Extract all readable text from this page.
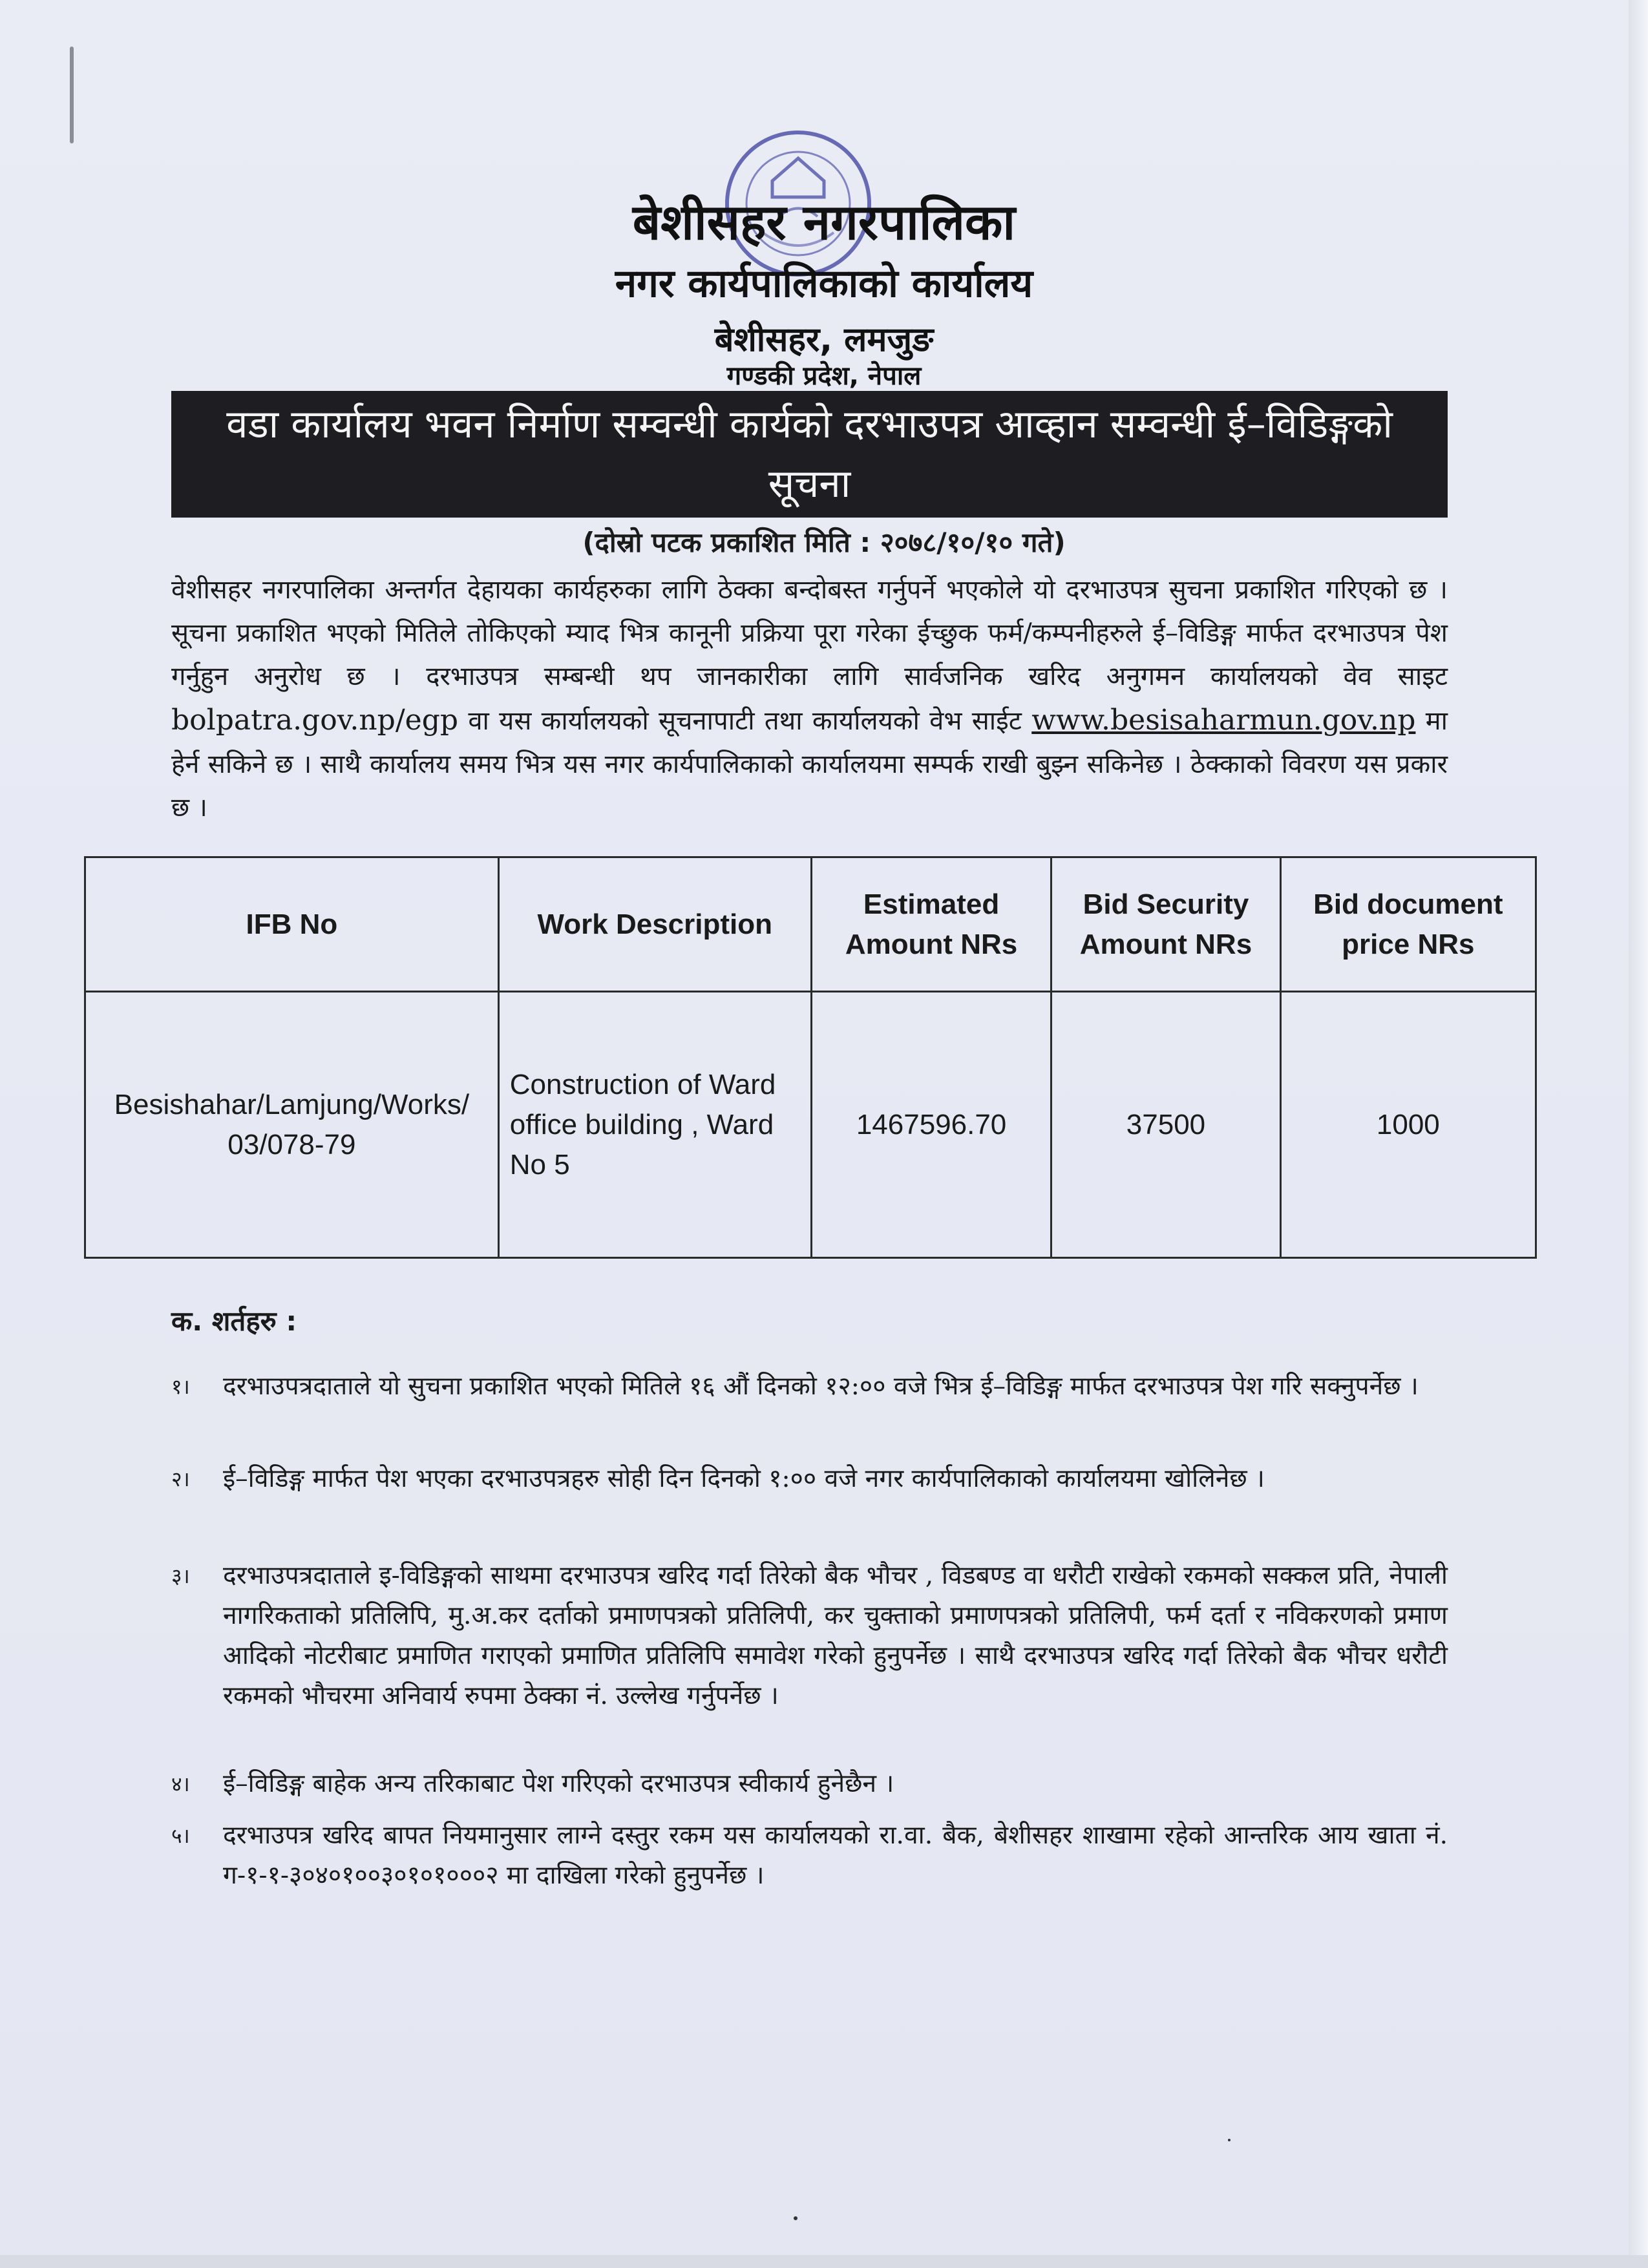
बेशीसहर नगरपालिका
नगर कार्यपालिकाको कार्यालय
बेशीसहर, लमजुङ
गण्डकी प्रदेश, नेपाल
वडा कार्यालय भवन निर्माण सम्वन्धी कार्यको दरभाउपत्र आव्हान सम्वन्धी ई–विडिङ्गको सूचना
(दोस्रो पटक प्रकाशित मिति : २०७८/१०/१० गते)
वेशीसहर नगरपालिका अन्तर्गत देहायका कार्यहरुका लागि ठेक्का बन्दोबस्त गर्नुपर्ने भएकोले यो दरभाउपत्र सुचना प्रकाशित गरिएको छ । सूचना प्रकाशित भएको मितिले तोकिएको म्याद भित्र कानूनी प्रक्रिया पूरा गरेका ईच्छुक फर्म/कम्पनीहरुले ई–विडिङ्ग मार्फत दरभाउपत्र पेश गर्नुहुन अनुरोध छ । दरभाउपत्र सम्बन्धी थप जानकारीका लागि सार्वजनिक खरिद अनुगमन कार्यालयको वेव साइट bolpatra.gov.np/egp वा यस कार्यालयको सूचनापाटी तथा कार्यालयको वेभ साईट www.besisaharmun.gov.np मा हेर्न सकिने छ । साथै कार्यालय समय भित्र यस नगर कार्यपालिकाको कार्यालयमा सम्पर्क राखी बुझ्न सकिनेछ । ठेक्काको विवरण यस प्रकार छ ।
IFB No	Work Description	Estimated Amount NRs	Bid Security Amount NRs	Bid document price NRs
Besishahar/Lamjung/Works/ 03/078-79	Construction of Ward office building , Ward No 5	1467596.70	37500	1000
क. शर्तहरु :
१।	दरभाउपत्रदाताले यो सुचना प्रकाशित भएको मितिले १६ औं दिनको १२:०० वजे भित्र ई–विडिङ्ग मार्फत दरभाउपत्र पेश गरि सक्नुपर्नेछ ।
२।	ई–विडिङ्ग मार्फत पेश भएका दरभाउपत्रहरु सोही दिन दिनको १:०० वजे नगर कार्यपालिकाको कार्यालयमा खोलिनेछ ।
३।	दरभाउपत्रदाताले इ-विडिङ्गको साथमा दरभाउपत्र खरिद गर्दा तिरेको बैक भौचर , विडबण्ड वा धरौटी राखेको रकमको सक्कल प्रति, नेपाली नागरिकताको प्रतिलिपि, मु.अ.कर दर्ताको प्रमाणपत्रको प्रतिलिपी, कर चुक्ताको प्रमाणपत्रको प्रतिलिपी, फर्म दर्ता र नविकरणको प्रमाण आदिको नोटरीबाट प्रमाणित गराएको प्रमाणित प्रतिलिपि समावेश गरेको हुनुपर्नेछ । साथै दरभाउपत्र खरिद गर्दा तिरेको बैक भौचर धरौटी रकमको भौचरमा अनिवार्य रुपमा ठेक्का नं. उल्लेख गर्नुपर्नेछ ।
४।	ई–विडिङ्ग बाहेक अन्य तरिकाबाट पेश गरिएको दरभाउपत्र स्वीकार्य हुनेछैन ।
५।	दरभाउपत्र खरिद बापत नियमानुसार लाग्ने दस्तुर रकम यस कार्यालयको रा.वा. बैक, बेशीसहर शाखामा रहेको आन्तरिक आय खाता नं. ग-१-१-३०४०१००३०१०१०००२ मा दाखिला गरेको हुनुपर्नेछ ।
